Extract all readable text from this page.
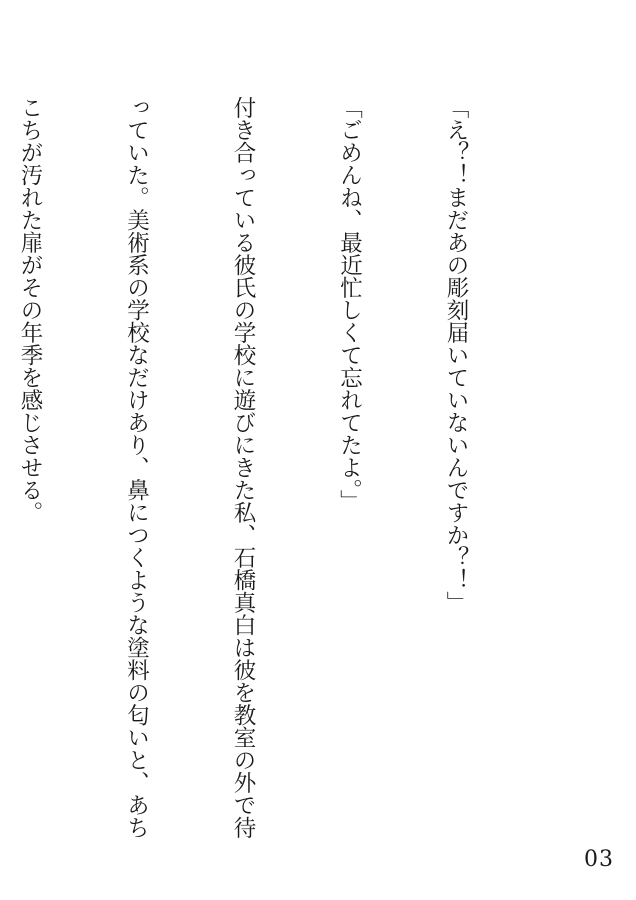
「え？！まだあの彫刻届いていないんですか？！」

「ごめんね、最近忙しくて忘れてたよ。」

付き合っている彼氏の学校に遊びにきた私、石橋真白は彼を教室の外で待

っていた。美術系の学校なだけあり、鼻につくような塗料の匂いと、あち

こちが汚れた扉がその年季を感じさせる。

03
